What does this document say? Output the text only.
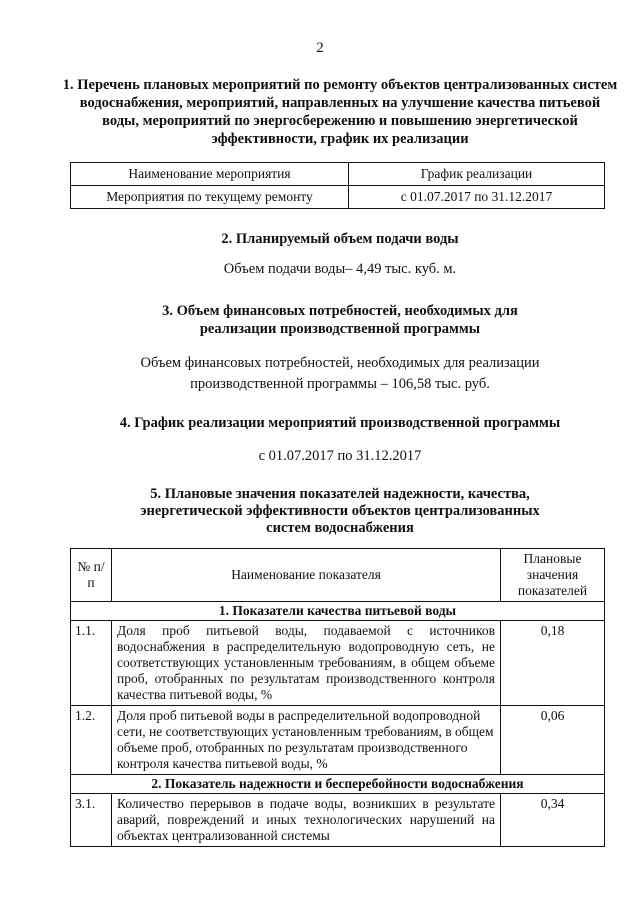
2
1. Перечень плановых мероприятий по ремонту объектов централизованных систем водоснабжения, мероприятий, направленных на улучшение качества питьевой воды, мероприятий по энергосбережению и повышению энергетической эффективности, график их реализации
Наименование мероприятия	График реализации
Мероприятия по текущему ремонту	с 01.07.2017 по 31.12.2017
2. Планируемый объем подачи воды
Объем подачи воды– 4,49 тыс. куб. м.
3. Объем финансовых потребностей, необходимых для
реализации производственной программы
Объем финансовых потребностей, необходимых для реализации
производственной программы – 106,58 тыс. руб.
4. График реализации мероприятий производственной программы
с 01.07.2017 по 31.12.2017
5. Плановые значения показателей надежности, качества,
энергетической эффективности объектов централизованных
систем водоснабжения
№ п/п	Наименование показателя	Плановые значения показателей
1. Показатели качества питьевой воды		
1.1.	Доля проб питьевой воды, подаваемой с источников водоснабжения в распределительную водопроводную сеть, не соответствующих установленным требованиям, в общем объеме проб, отобранных по результатам производственного контроля качества питьевой воды, %	0,18
1.2.	Доля проб питьевой воды в распределительной водопроводной сети, не соответствующих установленным требованиям, в общем объеме проб, отобранных по результатам производственного контроля качества питьевой воды, %	0,06
2. Показатель надежности и бесперебойности водоснабжения		
3.1.	Количество перерывов в подаче воды, возникших в результате аварий, повреждений и иных технологических нарушений на объектах централизованной системы	0,34
